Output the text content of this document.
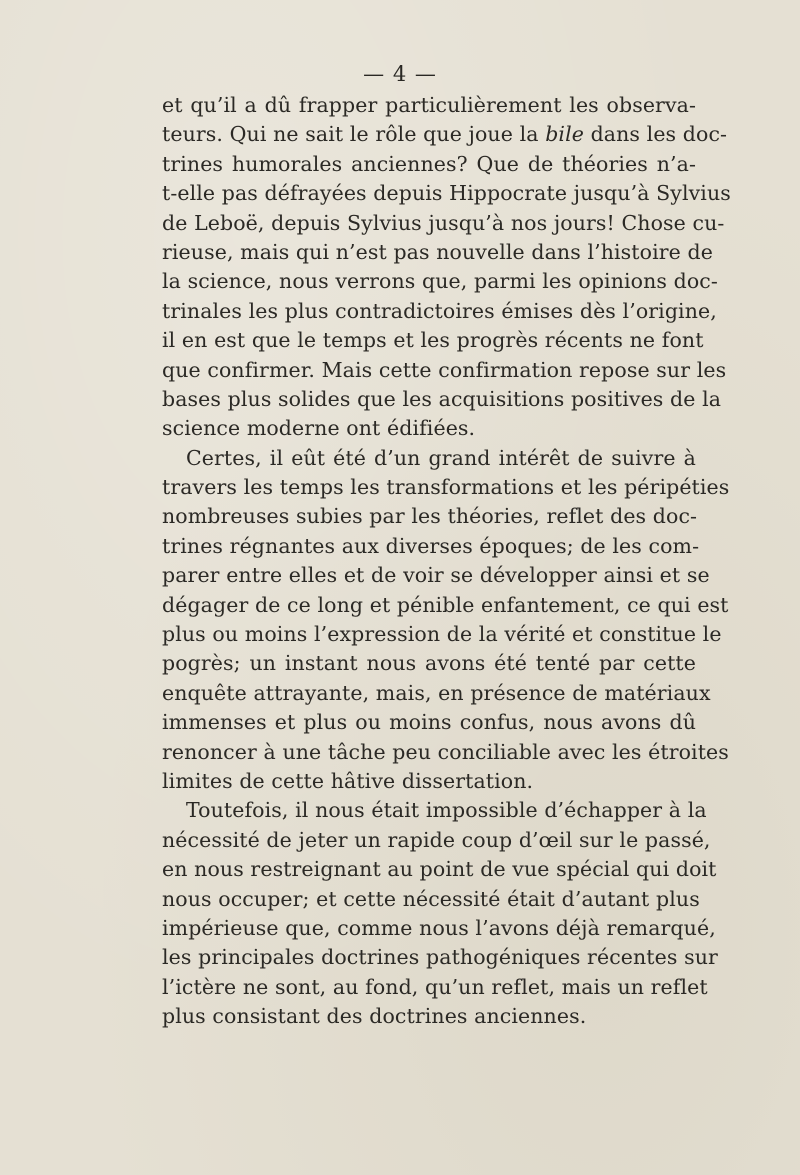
— 4 —
et qu’il a dû frapper particulièrement les observa-
teurs. Qui ne sait le rôle que joue la bile dans les doc-
trines humorales anciennes? Que de théories n’a-
t-elle pas défrayées depuis Hippocrate jusqu’à Sylvius
de Leboë, depuis Sylvius jusqu’à nos jours! Chose cu-
rieuse, mais qui n’est pas nouvelle dans l’histoire de
la science, nous verrons que, parmi les opinions doc-
trinales les plus contradictoires émises dès l’origine,
il en est que le temps et les progrès récents ne font
que confirmer. Mais cette confirmation repose sur les
bases plus solides que les acquisitions positives de la
science moderne ont édifiées.
Certes, il eût été d’un grand intérêt de suivre à
travers les temps les transformations et les péripéties
nombreuses subies par les théories, reflet des doc-
trines régnantes aux diverses époques; de les com-
parer entre elles et de voir se développer ainsi et se
dégager de ce long et pénible enfantement, ce qui est
plus ou moins l’expression de la vérité et constitue le
pogrès; un instant nous avons été tenté par cette
enquête attrayante, mais, en présence de matériaux
immenses et plus ou moins confus, nous avons dû
renoncer à une tâche peu conciliable avec les étroites
limites de cette hâtive dissertation.
Toutefois, il nous était impossible d’échapper à la
nécessité de jeter un rapide coup d’œil sur le passé,
en nous restreignant au point de vue spécial qui doit
nous occuper; et cette nécessité était d’autant plus
impérieuse que, comme nous l’avons déjà remarqué,
les principales doctrines pathogéniques récentes sur
l’ictère ne sont, au fond, qu’un reflet, mais un reflet
plus consistant des doctrines anciennes.
